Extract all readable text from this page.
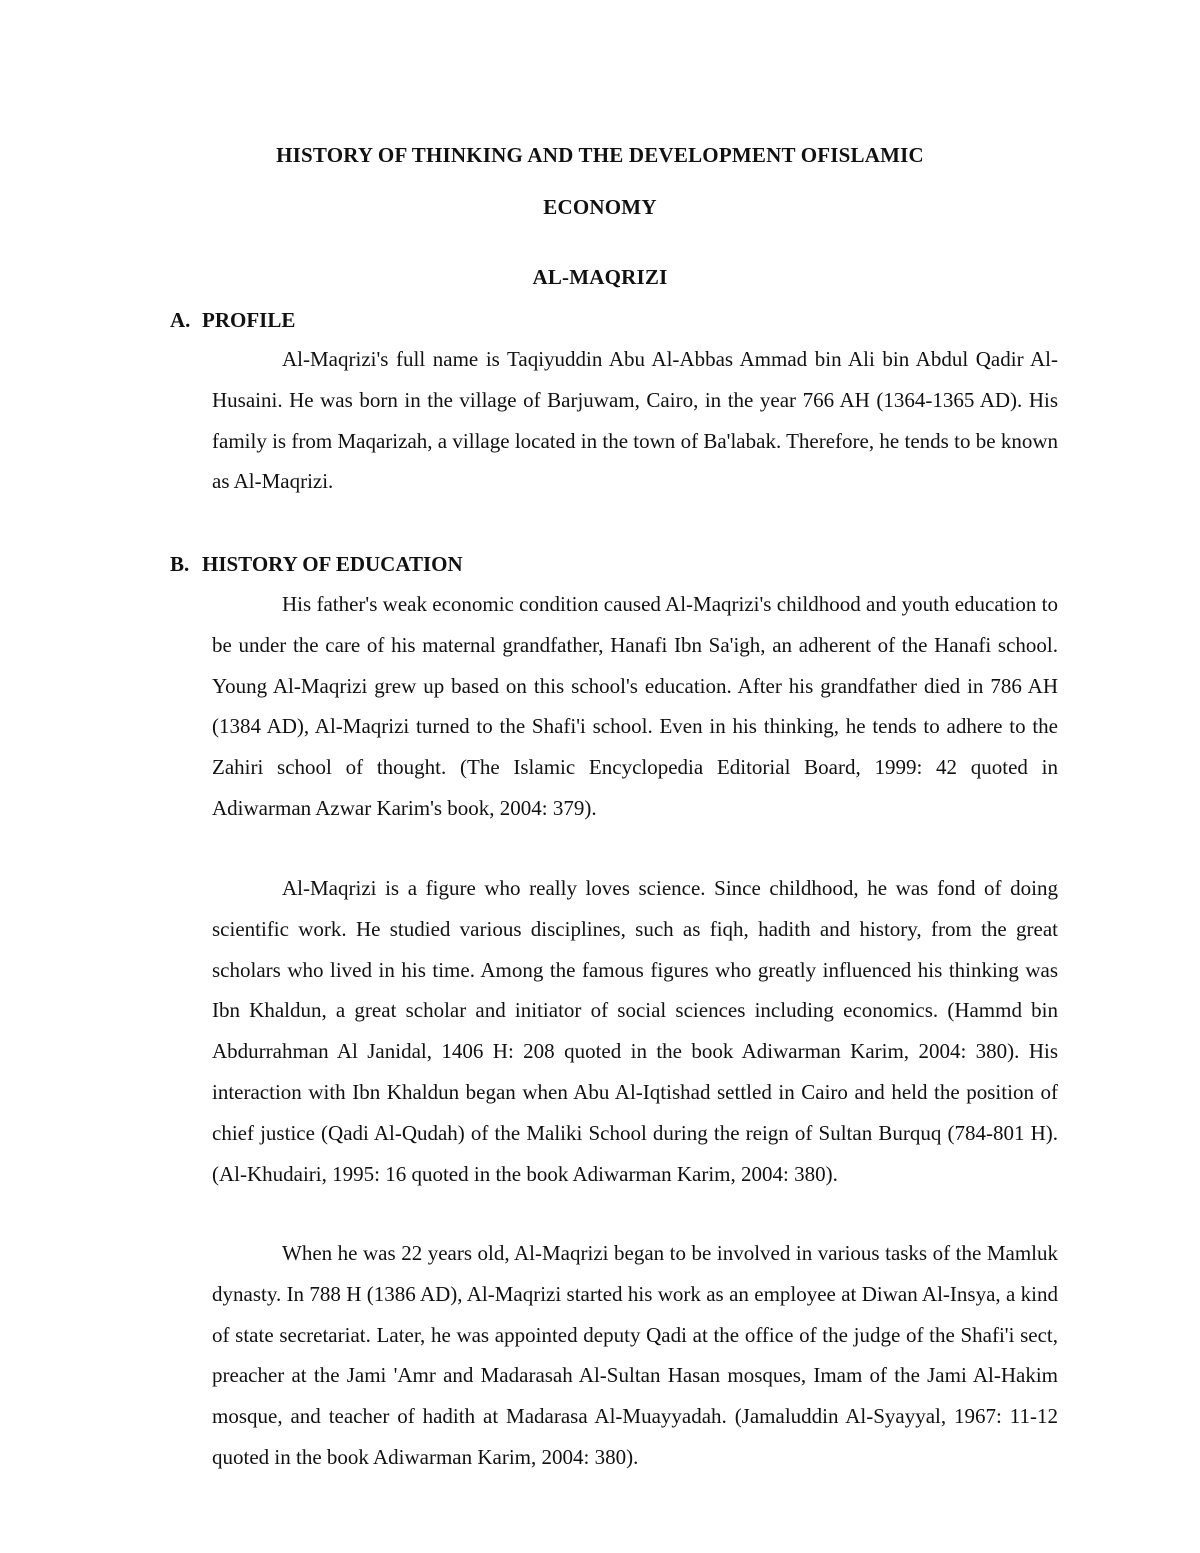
HISTORY OF THINKING AND THE DEVELOPMENT OFISLAMIC
ECONOMY
AL-MAQRIZI
A. PROFILE

Al-Maqrizi's full name is Taqiyuddin Abu Al-Abbas Ammad bin Ali bin Abdul Qadir Al-Husaini. He was born in the village of Barjuwam, Cairo, in the year 766 AH (1364-1365 AD). His family is from Maqarizah, a village located in the town of Ba'labak. Therefore, he tends to be known as Al-Maqrizi.

B. HISTORY OF EDUCATION

His father's weak economic condition caused Al-Maqrizi's childhood and youth education to be under the care of his maternal grandfather, Hanafi Ibn Sa'igh, an adherent of the Hanafi school. Young Al-Maqrizi grew up based on this school's education. After his grandfather died in 786 AH (1384 AD), Al-Maqrizi turned to the Shafi'i school. Even in his thinking, he tends to adhere to the Zahiri school of thought. (The Islamic Encyclopedia Editorial Board, 1999: 42 quoted in Adiwarman Azwar Karim's book, 2004: 379).

Al-Maqrizi is a figure who really loves science. Since childhood, he was fond of doing scientific work. He studied various disciplines, such as fiqh, hadith and history, from the great scholars who lived in his time. Among the famous figures who greatly influenced his thinking was Ibn Khaldun, a great scholar and initiator of social sciences including economics. (Hammd bin Abdurrahman Al Janidal, 1406 H: 208 quoted in the book Adiwarman Karim, 2004: 380). His interaction with Ibn Khaldun began when Abu Al-Iqtishad settled in Cairo and held the position of chief justice (Qadi Al-Qudah) of the Maliki School during the reign of Sultan Burquq (784-801 H). (Al-Khudairi, 1995: 16 quoted in the book Adiwarman Karim, 2004: 380).

When he was 22 years old, Al-Maqrizi began to be involved in various tasks of the Mamluk dynasty. In 788 H (1386 AD), Al-Maqrizi started his work as an employee at Diwan Al-Insya, a kind of state secretariat. Later, he was appointed deputy Qadi at the office of the judge of the Shafi'i sect, preacher at the Jami 'Amr and Madarasah Al-Sultan Hasan mosques, Imam of the Jami Al-Hakim mosque, and teacher of hadith at Madarasa Al-Muayyadah. (Jamaluddin Al-Syayyal, 1967: 11-12 quoted in the book Adiwarman Karim, 2004: 380).
